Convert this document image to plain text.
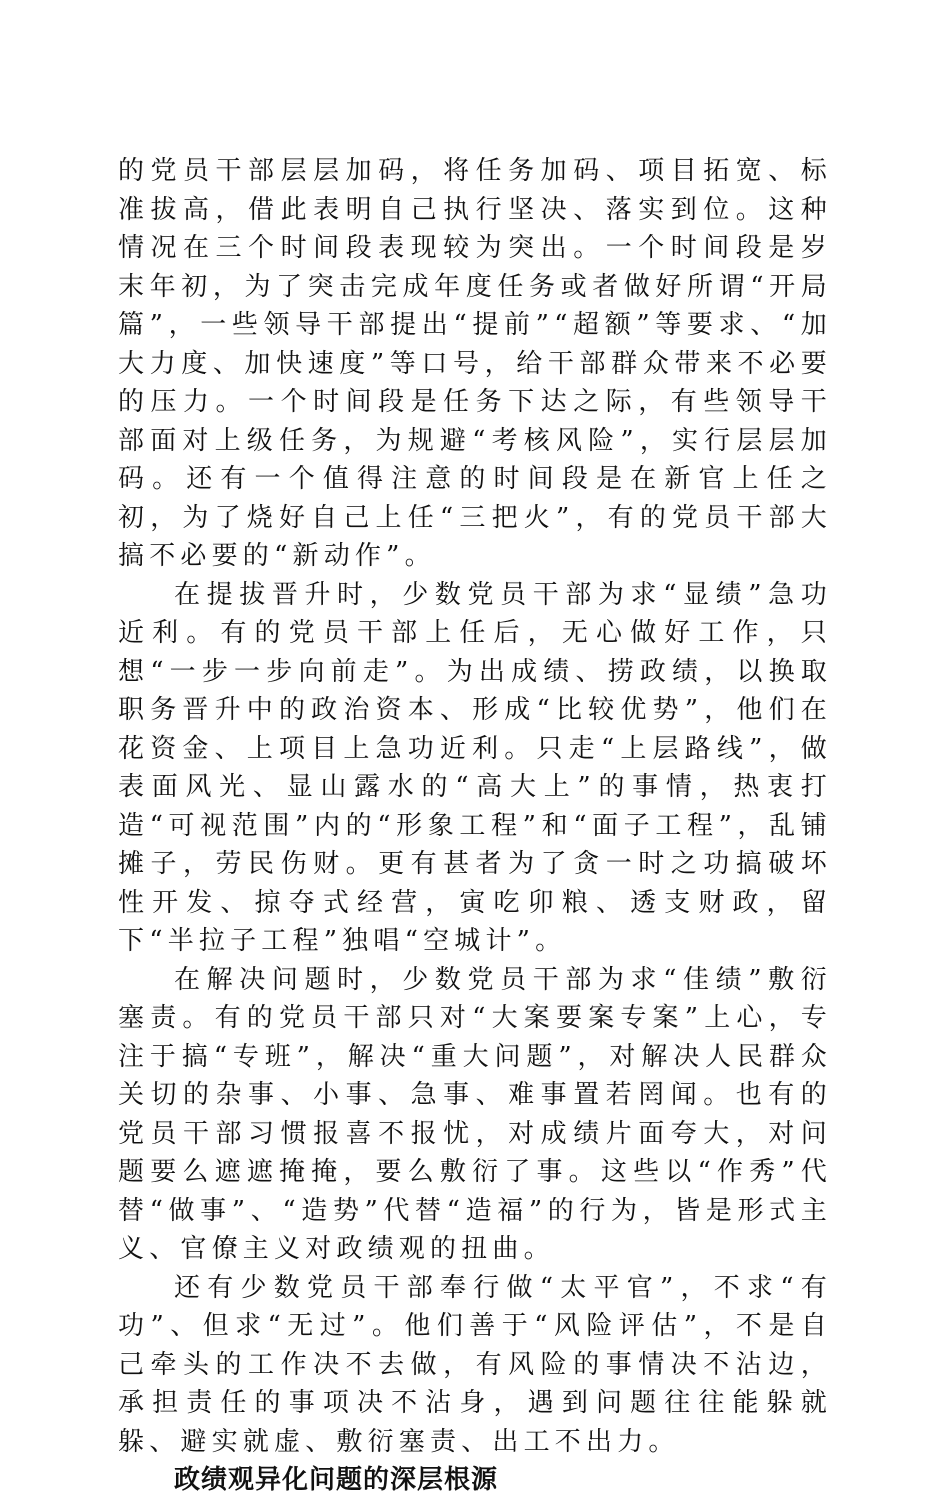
的党员干部层层加码，将任务加码、项目拓宽、标准拔高，借此表明自己执行坚决、落实到位。这种情况在三个时间段表现较为突出。一个时间段是岁末年初，为了突击完成年度任务或者做好所谓“开局篇”，一些领导干部提出“提前”“超额”等要求、“加大力度、加快速度”等口号，给干部群众带来不必要的压力。一个时间段是任务下达之际，有些领导干部面对上级任务，为规避“考核风险”，实行层层加码。还有一个值得注意的时间段是在新官上任之初，为了烧好自己上任“三把火”，有的党员干部大搞不必要的“新动作”。

在提拔晋升时，少数党员干部为求“显绩”急功近利。有的党员干部上任后，无心做好工作，只想“一步一步向前走”。为出成绩、捞政绩，以换取职务晋升中的政治资本、形成“比较优势”，他们在花资金、上项目上急功近利。只走“上层路线”，做表面风光、显山露水的“高大上”的事情，热衷打造“可视范围”内的“形象工程”和“面子工程”，乱铺摊子，劳民伤财。更有甚者为了贪一时之功搞破坏性开发、掠夺式经营，寅吃卯粮、透支财政，留下“半拉子工程”独唱“空城计”。

在解决问题时，少数党员干部为求“佳绩”敷衍塞责。有的党员干部只对“大案要案专案”上心，专注于搞“专班”，解决“重大问题”，对解决人民群众关切的杂事、小事、急事、难事置若罔闻。也有的党员干部习惯报喜不报忧，对成绩片面夸大，对问题要么遮遮掩掩，要么敷衍了事。这些以“作秀”代替“做事”、“造势”代替“造福”的行为，皆是形式主义、官僚主义对政绩观的扭曲。

还有少数党员干部奉行做“太平官”，不求“有功”、但求“无过”。他们善于“风险评估”，不是自己牵头的工作决不去做，有风险的事情决不沾边，承担责任的事项决不沾身，遇到问题往往能躲就躲、避实就虚、敷衍塞责、出工不出力。

政绩观异化问题的深层根源
